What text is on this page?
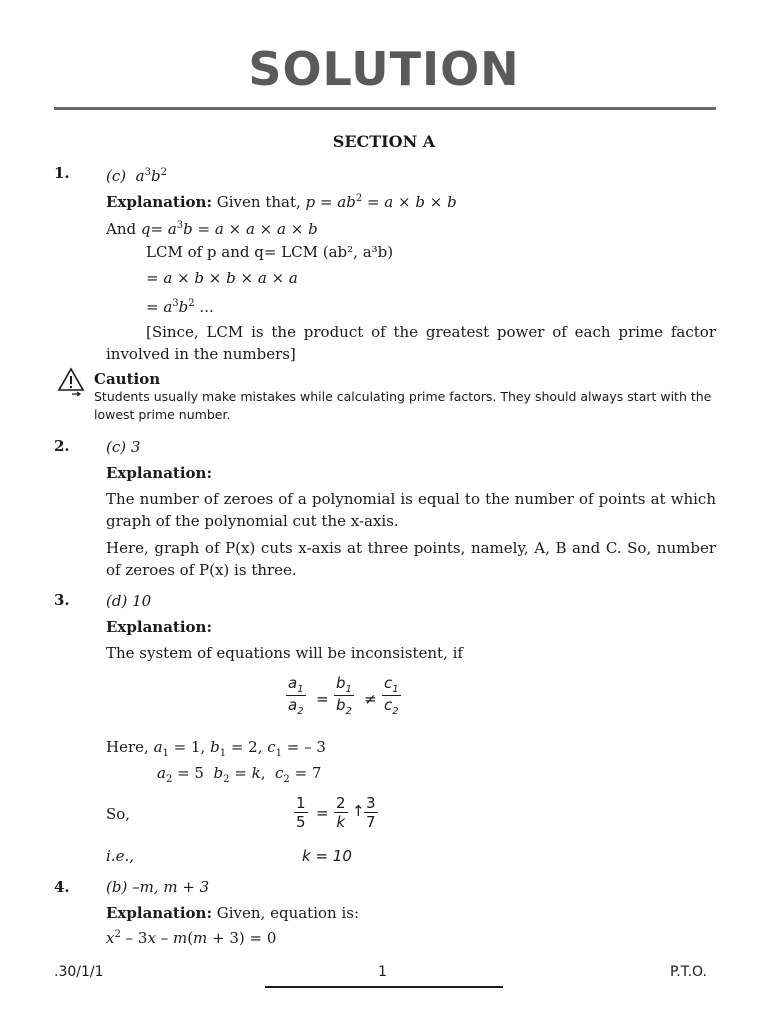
SOLUTION
SECTION A
1. (c) $a^3b^2$
Explanation: Given that, $p = ab^2 = a \times b \times b$
And $q= a^3b = a \times a \times a \times b$
LCM of p and q= LCM (ab², a³b)
= a × b × b × a × a
= $a^3b^2$ ...
[Since, LCM is the product of the greatest power of each prime factor involved in the numbers]
Caution
Students usually make mistakes while calculating prime factors. They should always start with the lowest prime number.
2. (c) 3
Explanation:
The number of zeroes of a polynomial is equal to the number of points at which graph of the polynomial cut the x-axis.
Here, graph of P(x) cuts x-axis at three points, namely, A, B and C. So, number of zeroes of P(x) is three.
3. (d) 10
Explanation:
The system of equations will be inconsistent, if
$\frac{a_1}{a_2} = \frac{b_1}{b_2} \ne \frac{c_1}{c_2}$
Here, $a_1 = 1$, $b_1 = 2$, $c_1$ = – 3
$a_2 = 5$  $b_2 = k$,  $c_2 = 7$
So,	$\frac{1}{5} = \frac{2}{k}$ ↑ $\frac{3}{7}$
i.e.,	k = 10
4. (b) –m, m + 3
Explanation: Given, equation is:
$x^2 - 3x - m(m + 3) = 0$
.30/1/1	1	P.T.O.
